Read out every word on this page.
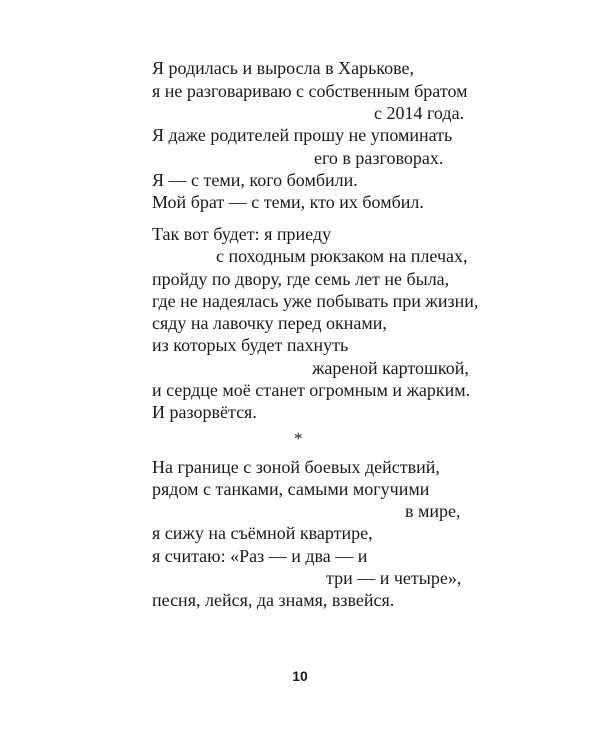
Я родилась и выросла в Харькове,
я не разговариваю с собственным братом
с 2014 года.
Я даже родителей прошу не упоминать
его в разговорах.
Я — с теми, кого бомбили.
Мой брат — с теми, кто их бомбил.
Так вот будет: я приеду
с походным рюкзаком на плечах,
пройду по двору, где семь лет не была,
где не надеялась уже побывать при жизни,
сяду на лавочку перед окнами,
из которых будет пахнуть
жареной картошкой,
и сердце моё станет огромным и жарким.
И разорвётся.
*
На границе с зоной боевых действий,
рядом с танками, самыми могучими
в мире,
я сижу на съёмной квартире,
я считаю: «Раз — и два — и
три — и четыре»,
песня, лейся, да знамя, взвейся.
10
